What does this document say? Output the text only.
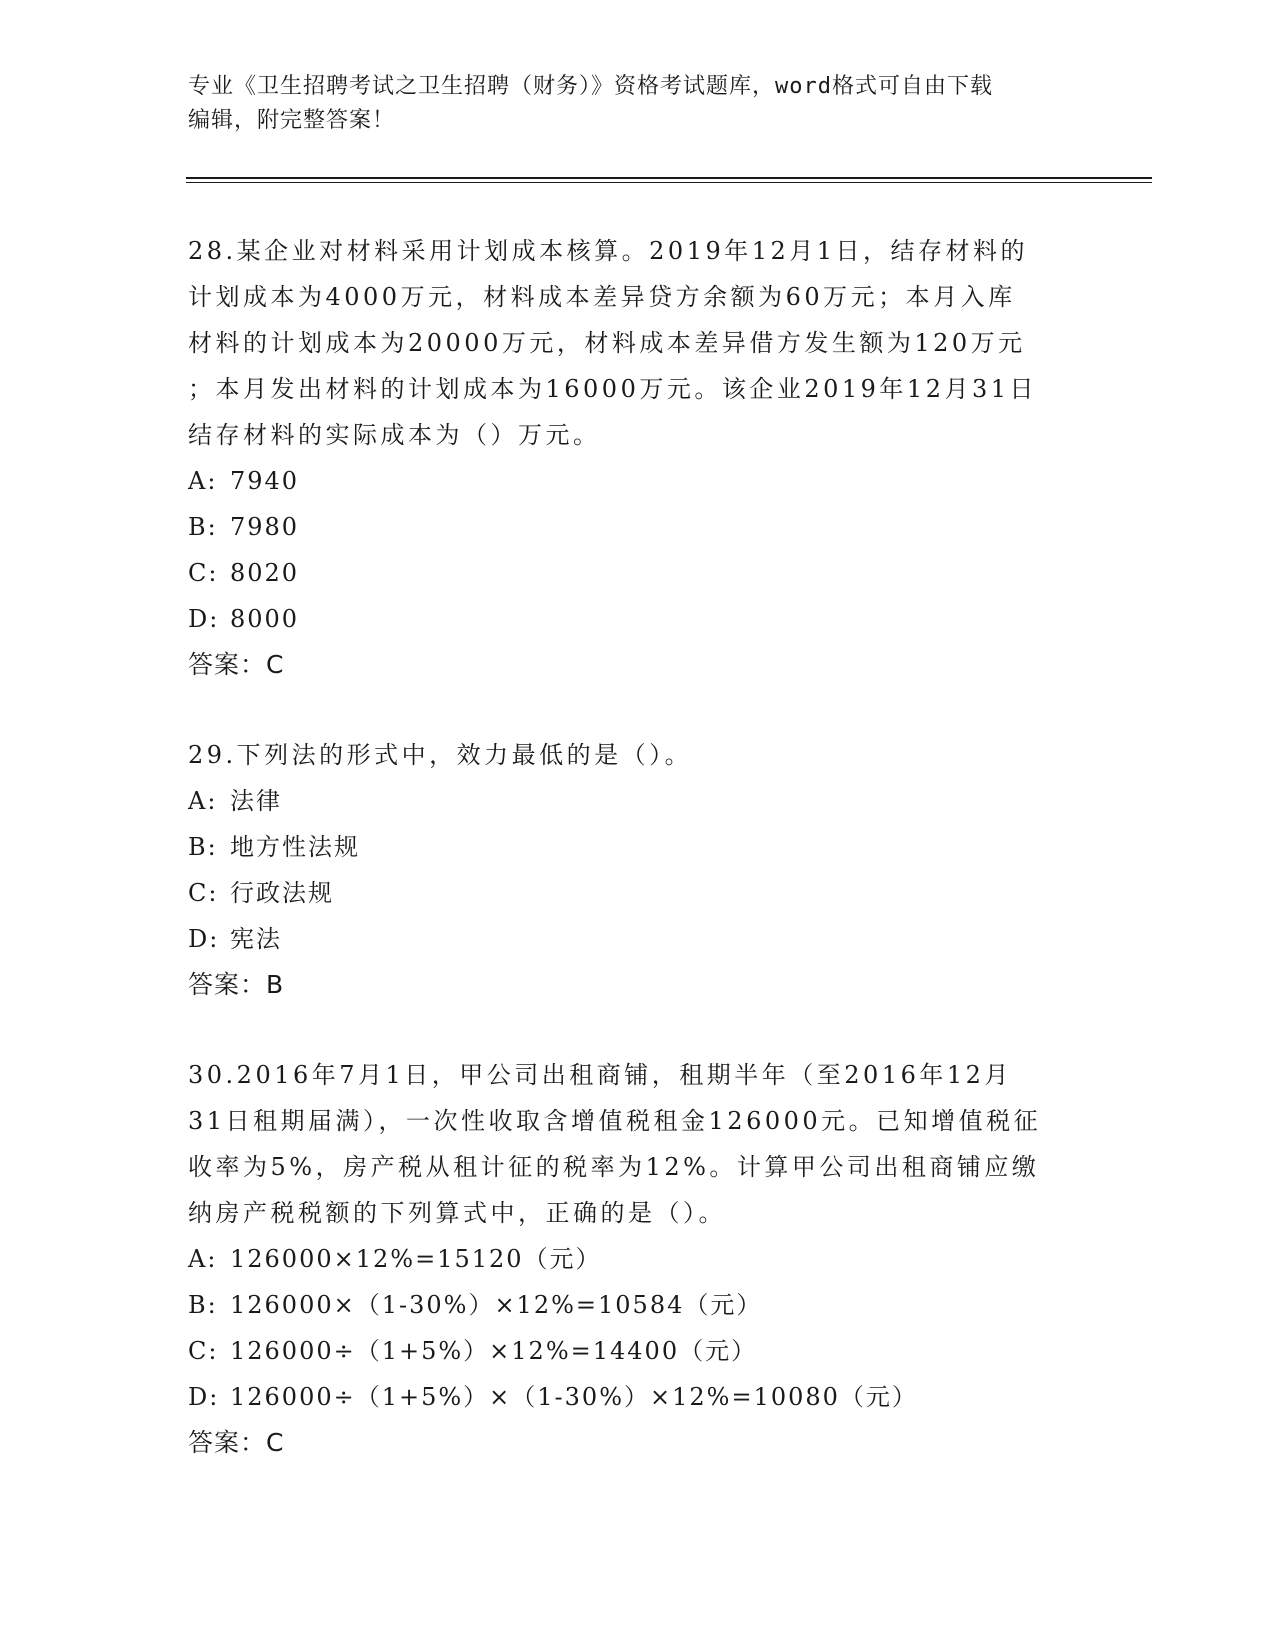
专业《卫生招聘考试之卫生招聘（财务）》资格考试题库，word格式可自由下载
编辑，附完整答案！
28.某企业对材料采用计划成本核算。2019年12月1日，结存材料的
计划成本为4000万元，材料成本差异贷方余额为60万元；本月入库
材料的计划成本为20000万元，材料成本差异借方发生额为120万元
；本月发出材料的计划成本为16000万元。该企业2019年12月31日
结存材料的实际成本为（）万元。
A: 7940
B: 7980
C: 8020
D: 8000
答案：C
29.下列法的形式中，效力最低的是（）。
A: 法律
B: 地方性法规
C: 行政法规
D: 宪法
答案：B
30.2016年7月1日，甲公司出租商铺，租期半年（至2016年12月
31日租期届满），一次性收取含增值税租金126000元。已知增值税征
收率为5%，房产税从租计征的税率为12%。计算甲公司出租商铺应缴
纳房产税税额的下列算式中，正确的是（）。
A: 126000×12%=15120（元）
B: 126000×（1-30%）×12%=10584（元）
C: 126000÷（1+5%）×12%=14400（元）
D: 126000÷（1+5%）×（1-30%）×12%=10080（元）
答案：C
